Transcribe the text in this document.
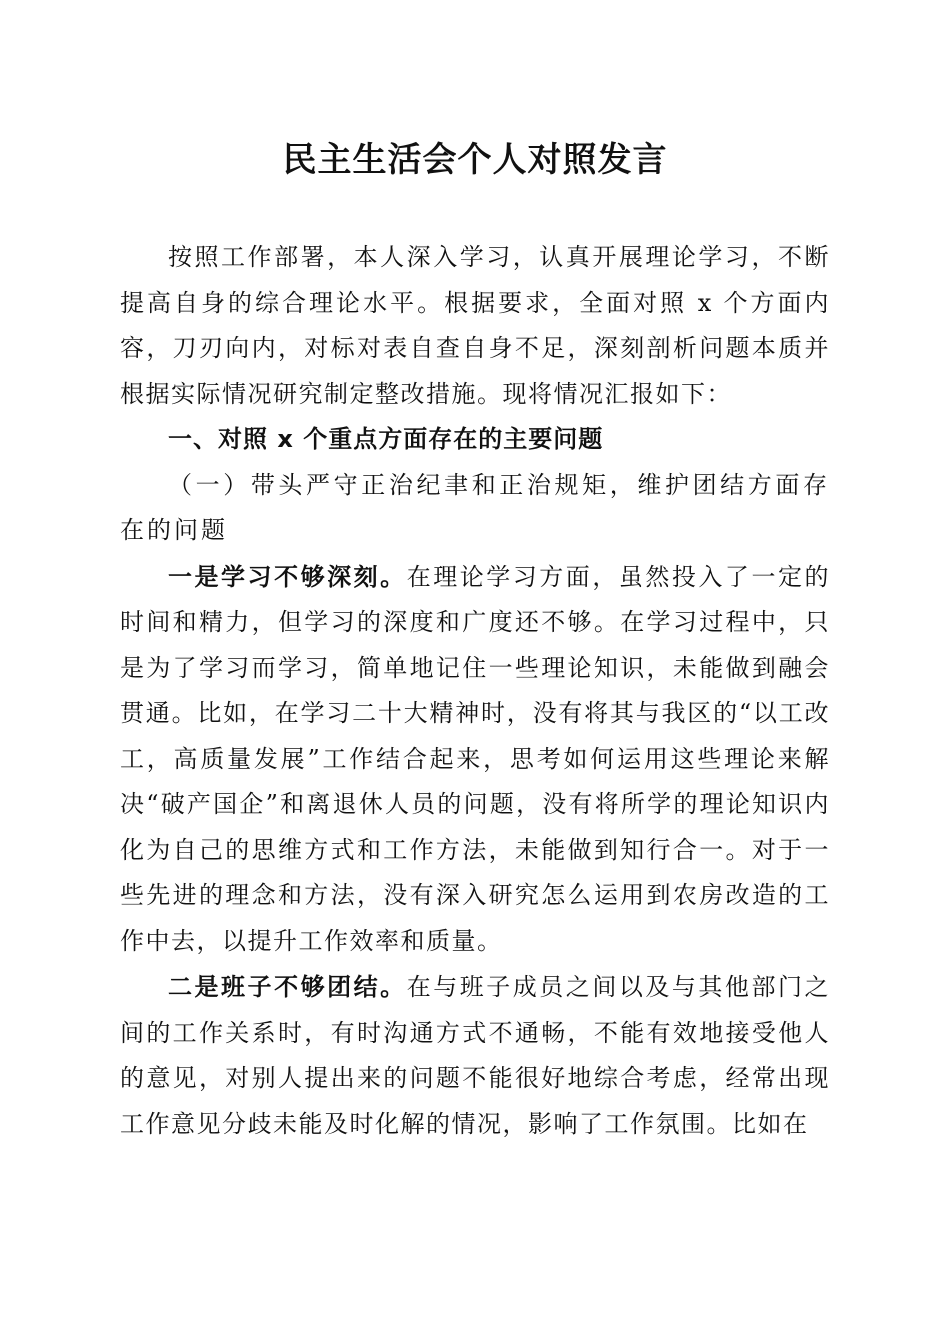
民主生活会个人对照发言

按照工作部署，本人深入学习，认真开展理论学习，不断提高自身的综合理论水平。根据要求，全面对照 x 个方面内容，刀刃向内，对标对表自查自身不足，深刻剖析问题本质并根据实际情况研究制定整改措施。现将情况汇报如下：

一、对照 x 个重点方面存在的主要问题

（一）带头严守正治纪聿和正治规矩，维护团结方面存在的问题

一是学习不够深刻。在理论学习方面，虽然投入了一定的时间和精力，但学习的深度和广度还不够。在学习过程中，只是为了学习而学习，简单地记住一些理论知识，未能做到融会贯通。比如，在学习二十大精神时，没有将其与我区的“以工改工，高质量发展”工作结合起来，思考如何运用这些理论来解决“破产国企”和离退休人员的问题，没有将所学的理论知识内化为自己的思维方式和工作方法，未能做到知行合一。对于一些先进的理念和方法，没有深入研究怎么运用到农房改造的工作中去，以提升工作效率和质量。

二是班子不够团结。在与班子成员之间以及与其他部门之间的工作关系时，有时沟通方式不通畅，不能有效地接受他人的意见，对别人提出来的问题不能很好地综合考虑，经常出现工作意见分歧未能及时化解的情况，影响了工作氛围。比如在
